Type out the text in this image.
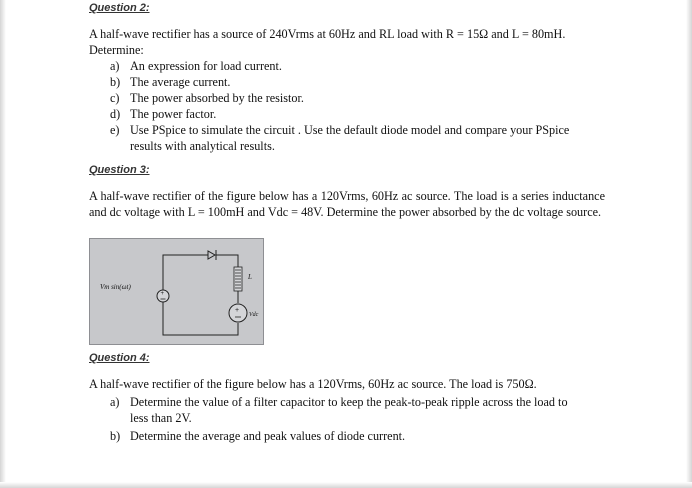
Question 2:
A half-wave rectifier has a source of 240Vrms at 60Hz and RL load with R = 15Ω and L = 80mH.
Determine:
a) An expression for load current.
b) The average current.
c) The power absorbed by the resistor.
d) The power factor.
e) Use PSpice to simulate the circuit . Use the default diode model and compare your PSpice
results with analytical results.
Question 3:
A half-wave rectifier of the figure below has a 120Vrms, 60Hz ac source. The load is a series inductance and dc voltage with L = 100mH and Vdc = 48V. Determine the power absorbed by the dc voltage source.
+
+
Vm sin(ωt)
L
Vdc
Question 4:
A half-wave rectifier of the figure below has a 120Vrms, 60Hz ac source. The load is 750Ω.
a) Determine the value of a filter capacitor to keep the peak-to-peak ripple across the load to
less than 2V.
b) Determine the average and peak values of diode current.
